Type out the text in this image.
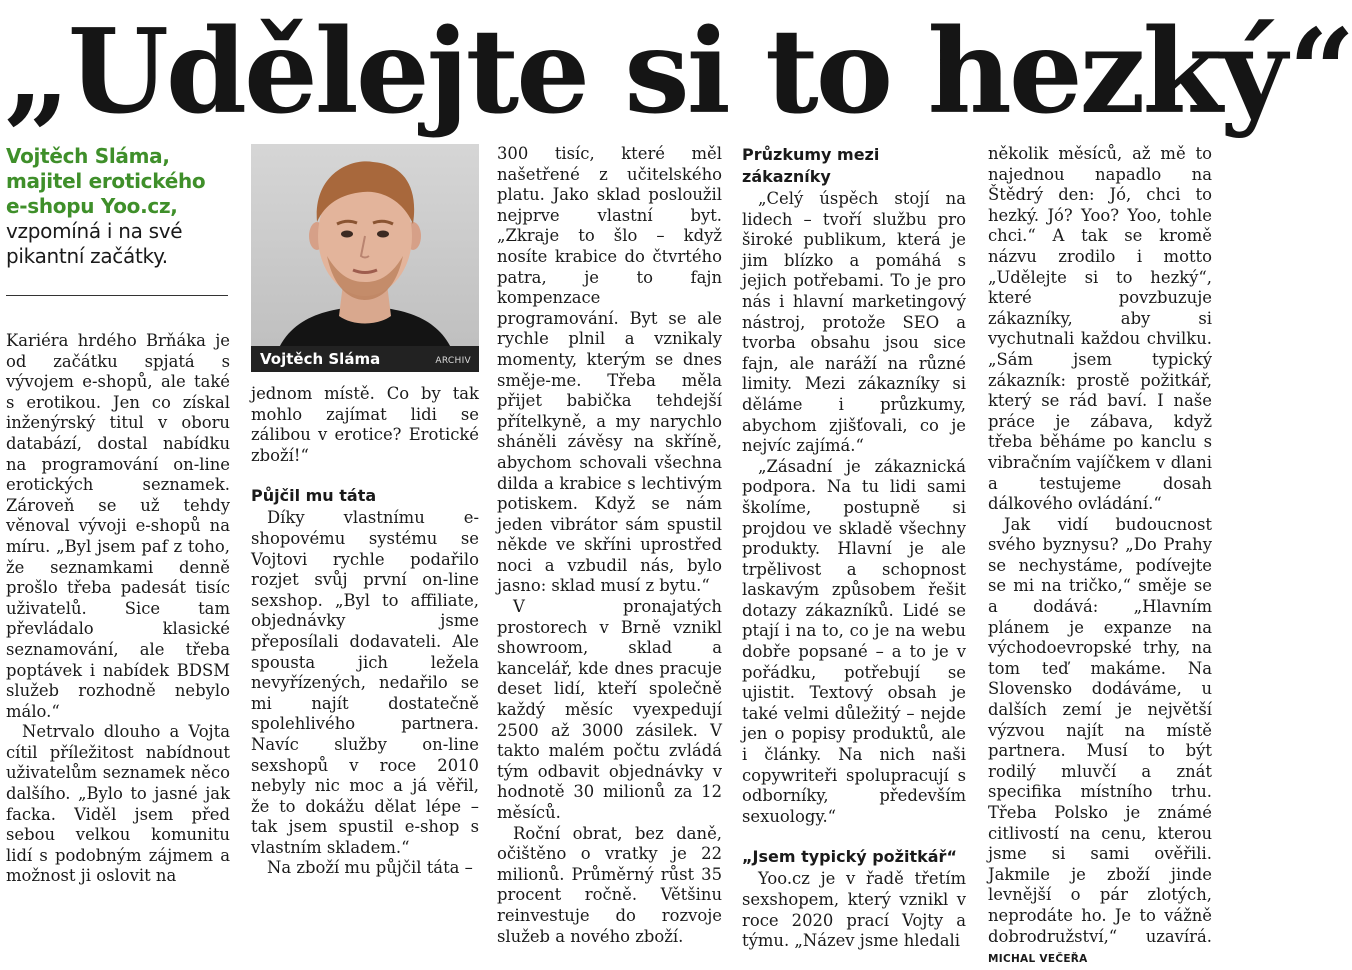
„Udělejte si to hezký“
Vojtěch Sláma,
majitel erotického
e-shopu Yoo.cz,
vzpomíná i na své
pikantní začátky.
Vojtěch Sláma	ARCHIV

Kariéra hrdého Brňáka je od začátku spjatá s vývojem e-shopů, ale také s erotikou. Jen co získal inženýrský titul v oboru databází, dostal nabídku na programování on-line erotických seznamek. Zároveň se už tehdy věnoval vývoji e-shopů na míru. „Byl jsem paf z toho, že seznamkami denně prošlo třeba padesát tisíc uživatelů. Sice tam převládalo klasické seznamování, ale třeba poptávek i nabídek BDSM služeb rozhodně nebylo málo.“

Netrvalo dlouho a Vojta cítil příležitost nabídnout uživatelům seznamek něco dalšího. „Bylo to jasné jak facka. Viděl jsem před sebou velkou komunitu lidí s podobným zájmem a možnost ji oslovit na

jednom místě. Co by tak mohlo zajímat lidi se zálibou v erotice? Erotické zboží!“

Půjčil mu táta

Díky vlastnímu e-shopovému systému se Vojtovi rychle podařilo rozjet svůj první on-line sexshop. „Byl to affiliate, objednávky jsme přeposílali dodavateli. Ale spousta jich ležela nevyřízených, nedařilo se mi najít dostatečně spolehlivého partnera. Navíc služby on-line sexshopů v roce 2010 nebyly nic moc a já věřil, že to dokážu dělat lépe – tak jsem spustil e-shop s vlastním skladem.“

Na zboží mu půjčil táta –

300 tisíc, které měl našetřené z učitelského platu. Jako sklad posloužil nejprve vlastní byt. „Zkraje to šlo – když nosíte krabice do čtvrtého patra, je to fajn kompenzace programování. Byt se ale rychle plnil a vznikaly momenty, kterým se dnes směje-me. Třeba měla přijet babička tehdejší přítelkyně, a my narychlo sháněli závěsy na skříně, abychom schovali všechna dilda a krabice s lechtivým potiskem. Když se nám jeden vibrátor sám spustil někde ve skříni uprostřed noci a vzbudil nás, bylo jasno: sklad musí z bytu.“

V pronajatých prostorech v Brně vznikl showroom, sklad a kancelář, kde dnes pracuje deset lidí, kteří společně každý měsíc vyexpedují 2500 až 3000 zásilek. V takto malém počtu zvládá tým odbavit objednávky v hodnotě 30 milionů za 12 měsíců.

Roční obrat, bez daně, očištěno o vratky je 22 milionů. Průměrný růst 35 procent ročně. Většinu reinvestuje do rozvoje služeb a nového zboží.

Průzkumy mezi zákazníky

„Celý úspěch stojí na lidech – tvoří službu pro široké publikum, která je jim blízko a pomáhá s jejich potřebami. To je pro nás i hlavní marketingový nástroj, protože SEO a tvorba obsahu jsou sice fajn, ale naráží na různé limity. Mezi zákazníky si děláme i průzkumy, abychom zjišťovali, co je nejvíc zajímá.“

„Zásadní je zákaznická podpora. Na tu lidi sami školíme, postupně si projdou ve skladě všechny produkty. Hlavní je ale trpělivost a schopnost laskavým způsobem řešit dotazy zákazníků. Lidé se ptají i na to, co je na webu dobře popsané – a to je v pořádku, potřebují se ujistit. Textový obsah je také velmi důležitý – nejde jen o popisy produktů, ale i články. Na nich naši copywriteři spolupracují s odborníky, především sexuology.“

„Jsem typický požitkář“

Yoo.cz je v řadě třetím sexshopem, který vznikl v roce 2020 prací Vojty a týmu. „Název jsme hledali

několik měsíců, až mě to najednou napadlo na Štědrý den: Jó, chci to hezký. Jó? Yoo? Yoo, tohle chci.“ A tak se kromě názvu zrodilo i motto „Udělejte si to hezký“, které povzbuzuje zákazníky, aby si vychutnali každou chvilku. „Sám jsem typický zákazník: prostě požitkář, který se rád baví. I naše práce je zábava, když třeba běháme po kanclu s vibračním vajíčkem v dlani a testujeme dosah dálkového ovládání.“

Jak vidí budoucnost svého byznysu? „Do Prahy se nechystáme, podívejte se mi na tričko,“ směje se a dodává: „Hlavním plánem je expanze na východoevropské trhy, na tom teď makáme. Na Slovensko dodáváme, u dalších zemí je největší výzvou najít na místě partnera. Musí to být rodilý mluvčí a znát specifika místního trhu. Třeba Polsko je známé citlivostí na cenu, kterou jsme si sami ověřili. Jakmile je zboží jinde levnější o pár zlotých, neprodáte ho. Je to vážně dobrodružství,“ uzavírá. MICHAL VEČEŘA
